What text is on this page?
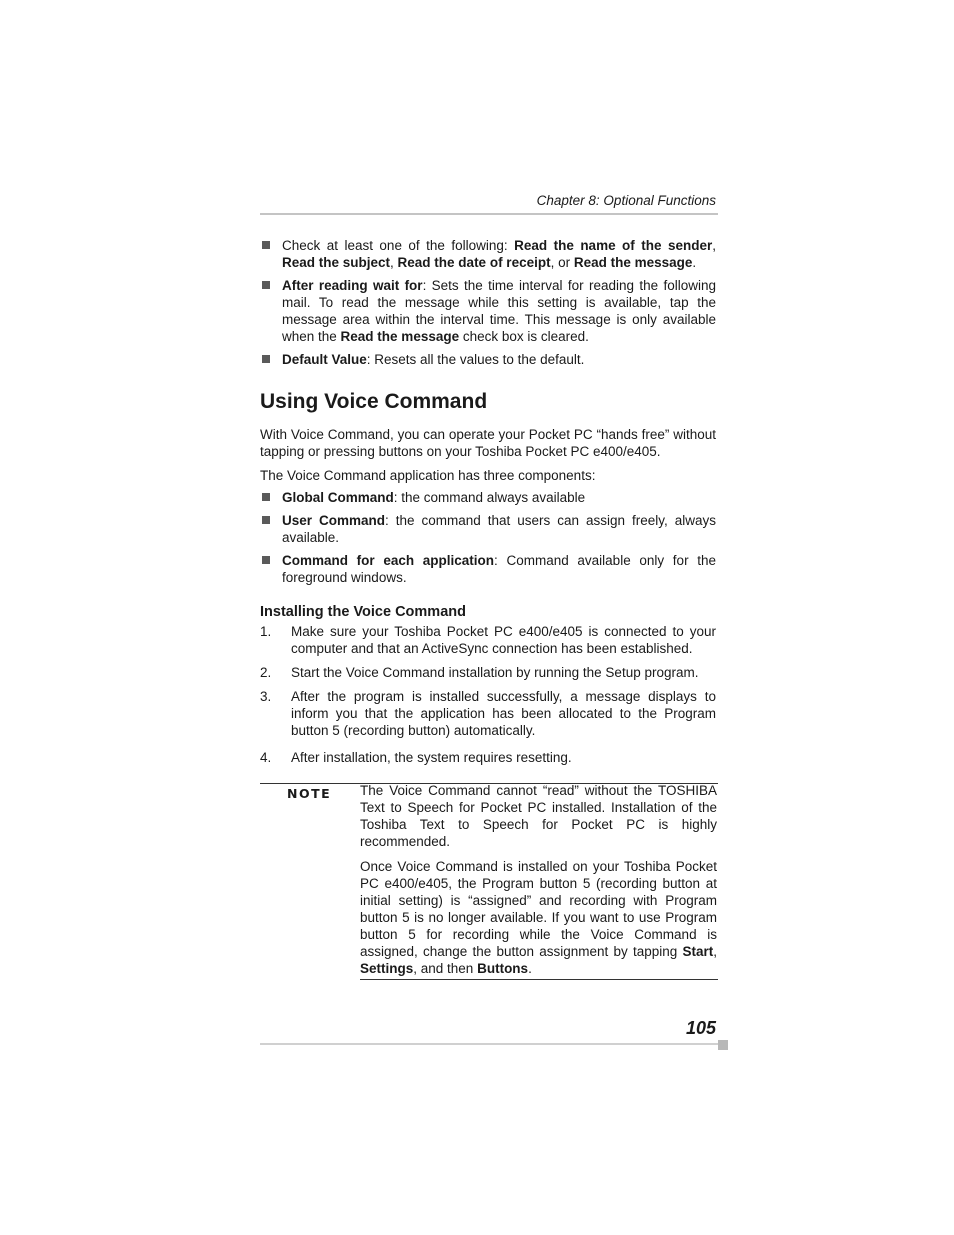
Chapter 8: Optional Functions
Check at least one of the following: Read the name of the sender, Read the subject, Read the date of receipt, or Read the message.
After reading wait for: Sets the time interval for reading the following mail. To read the message while this setting is available, tap the message area within the interval time. This message is only available when the Read the message check box is cleared.
Default Value: Resets all the values to the default.
Using Voice Command

With Voice Command, you can operate your Pocket PC “hands free” without tapping or pressing buttons on your Toshiba Pocket PC e400/e405.

The Voice Command application has three components:

Global Command: the command always available
User Command: the command that users can assign freely, always available.
Command for each application: Command available only for the foreground windows.
Installing the Voice Command
1. Make sure your Toshiba Pocket PC e400/e405 is connected to your computer and that an ActiveSync connection has been established.
2. Start the Voice Command installation by running the Setup program.
3. After the program is installed successfully, a message displays to inform you that the application has been allocated to the Program button 5 (recording button) automatically.
4. After installation, the system requires resetting.
NOTE The Voice Command cannot “read” without the TOSHIBA Text to Speech for Pocket PC installed. Installation of the Toshiba Text to Speech for Pocket PC is highly recommended.

Once Voice Command is installed on your Toshiba Pocket PC e400/e405, the Program button 5 (recording button at initial setting) is “assigned” and recording with Program button 5 is no longer available. If you want to use Program button 5 for recording while the Voice Command is assigned, change the button assignment by tapping Start, Settings, and then Buttons.

105
